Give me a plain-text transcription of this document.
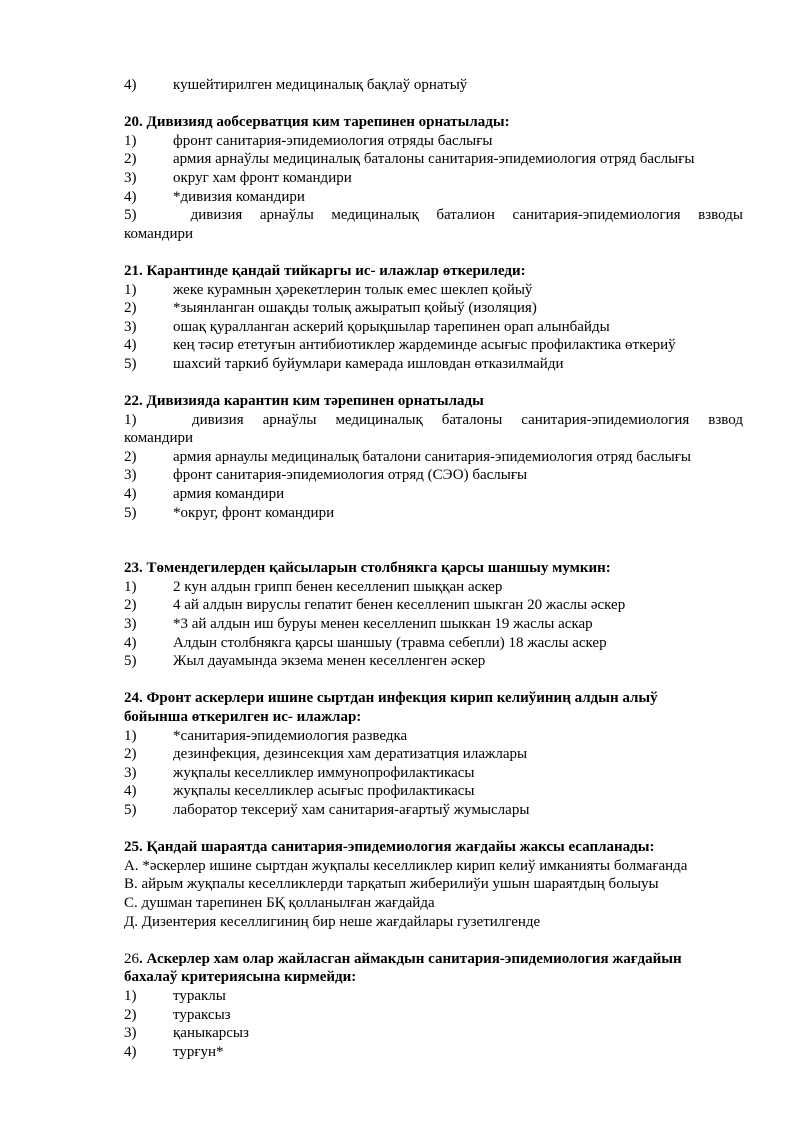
4) кушейтирилген медициналық бақлаў орнатыў
20. Дивизияд аобсерватция ким тарепинен орнатылады:
1) фронт санитария-эпидемиология отряды баслығы
2) армия арнаўлы медициналық баталоны санитария-эпидемиология отряд баслығы
3) округ хам фронт командири
4) *дивизия командири
5)	дивизия арнаўлы медициналық баталион санитария-эпидемиология взводы
командири
21. Карантинде қандай тийкаргы ис- илажлар өткериледи:
1) жеке курамнын ҳəрекетлерин толык емес шеклеп қойыў
2) *зыянланган ошақды толық ажыратып қойыў (изоляция)
3) ошақ қуралланган аскерий қорықшылар тарепинен орап алынбайды
4) кең тəсир ететуғын антибиотиклер жардеминде асығыс профилактика өткериў
5) шахсий таркиб буйумлари камерада ишловдан өтказилмайди
22. Дивизияда карантин ким тəрепинен орнатылады
1)	дивизия арнаўлы медициналық баталоны санитария-эпидемиология взвод
командири
2) армия арнаулы медициналық баталони санитария-эпидемиология отряд баслығы
3) фронт санитария-эпидемиология отряд (СЭО) баслығы
4) армия командири
5) *округ, фронт командири
23. Төмендегилерден қайсыларын столбнякга қарсы шаншыу мумкин:
1) 2 кун алдын грипп бенен кеселленип шыққан аскер
2) 4 ай алдын вируслы гепатит бенен кеселленип шыкган 20 жаслы əскер
3) *3 ай алдын иш буруы менен кеселленип шыккан 19 жаслы аскар
4) Алдын столбнякга қарсы шаншыу (травма себепли) 18 жаслы аскер
5) Жыл дауамында экзема менен кеселленген əскер
24. Фронт аскерлери ишине сыртдан инфекция кирип келиўиниң алдын алыў
бойынша өткерилген ис- илажлар:
1) *санитария-эпидемиология разведка
2) дезинфекция, дезинсекция хам дератизатция илажлары
3) жуқпалы кеселликлер иммунопрофилактикасы
4) жуқпалы кеселликлер асығыс профилактикасы
5) лаборатор тексериў хам санитария-ағартыў жумыслары
25. Қандай шараятда санитария-эпидемиология жағдайы жаксы есапланады:
А. *əскерлер ишине сыртдан жуқпалы кеселликлер кирип келиў имканияты болмағанда
В. айрым жуқпалы кеселликлерди тарқатып жиберилиўи ушын шараятдың болыуы
С. душман тарепинен БҚ қолланылған жағдайда
Д. Дизентерия кеселлигиниң бир неше жағдайлары гузетилгенде
26. Аскерлер хам олар жайласган аймакдын санитария-эпидемиология жағдайын
бахалаў критериясына кирмейди:
1) тураклы
2) тураксыз
3) қаныкарсыз
4) турғун*
